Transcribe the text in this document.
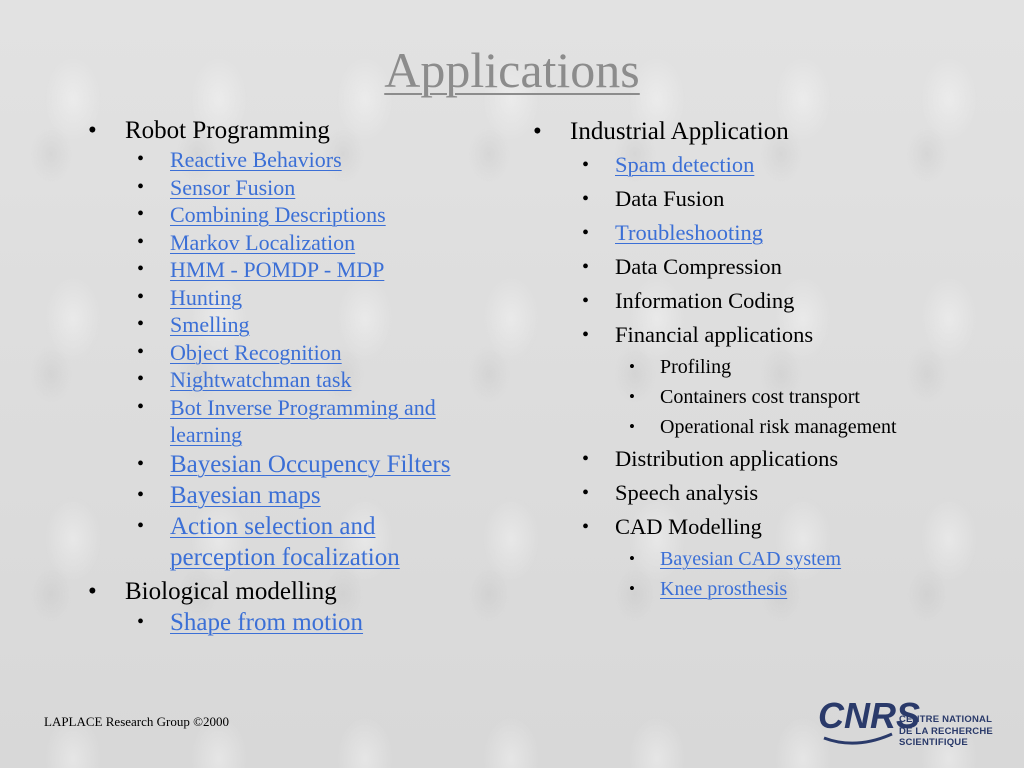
Applications
• Robot Programming
• Reactive Behaviors
• Sensor Fusion
• Combining Descriptions
• Markov Localization
• HMM - POMDP - MDP
• Hunting
• Smelling
• Object Recognition
• Nightwatchman task
• Bot Inverse Programming and learning
• Bayesian Occupency Filters
• Bayesian maps
• Action selection and perception focalization
• Biological modelling
• Shape from motion
• Industrial Application
• Spam detection
• Data Fusion
• Troubleshooting
• Data Compression
• Information Coding
• Financial applications
• Profiling
• Containers cost transport
• Operational risk management
• Distribution applications
• Speech analysis
• CAD Modelling
• Bayesian CAD system
• Knee prosthesis
LAPLACE Research Group ©2000	CNRS
CENTRE NATIONAL
DE LA RECHERCHE
SCIENTIFIQUE
